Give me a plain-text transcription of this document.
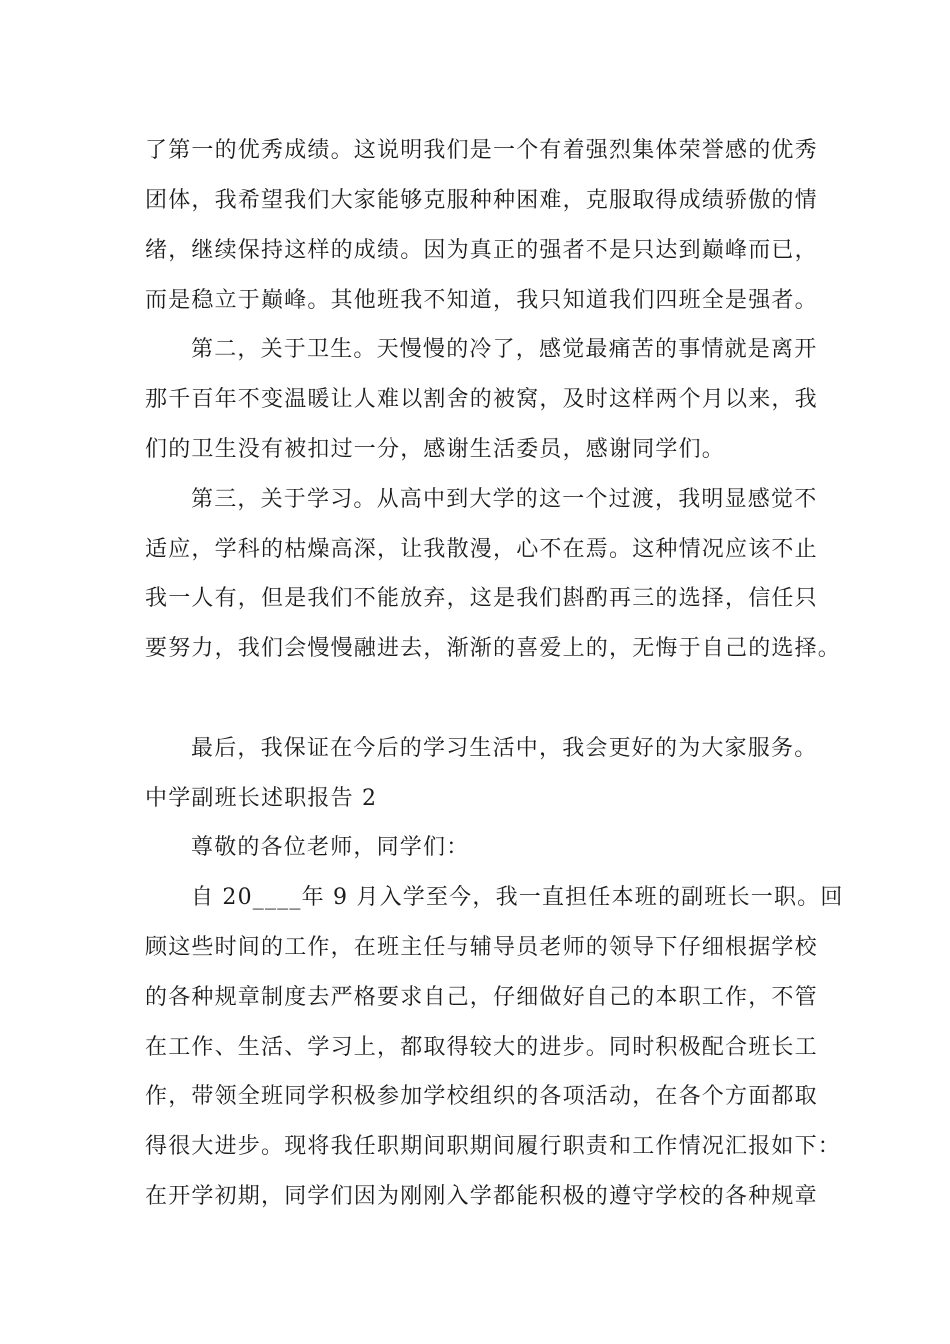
了第一的优秀成绩。这说明我们是一个有着强烈集体荣誉感的优秀
团体，我希望我们大家能够克服种种困难，克服取得成绩骄傲的情
绪，继续保持这样的成绩。因为真正的强者不是只达到巅峰而已，
而是稳立于巅峰。其他班我不知道，我只知道我们四班全是强者。
第二，关于卫生。天慢慢的冷了，感觉最痛苦的事情就是离开
那千百年不变温暖让人难以割舍的被窝，及时这样两个月以来，我
们的卫生没有被扣过一分，感谢生活委员，感谢同学们。
第三，关于学习。从高中到大学的这一个过渡，我明显感觉不
适应，学科的枯燥高深，让我散漫，心不在焉。这种情况应该不止
我一人有，但是我们不能放弃，这是我们斟酌再三的选择，信任只
要努力，我们会慢慢融进去，渐渐的喜爱上的，无悔于自己的选择。
最后，我保证在今后的学习生活中，我会更好的为大家服务。
中学副班长述职报告 2
尊敬的各位老师，同学们：
自 20____年 9 月入学至今，我一直担任本班的副班长一职。回
顾这些时间的工作，在班主任与辅导员老师的领导下仔细根据学校
的各种规章制度去严格要求自己，仔细做好自己的本职工作，不管
在工作、生活、学习上，都取得较大的进步。同时积极配合班长工
作，带领全班同学积极参加学校组织的各项活动，在各个方面都取
得很大进步。现将我任职期间职期间履行职责和工作情况汇报如下：
在开学初期，同学们因为刚刚入学都能积极的遵守学校的各种规章
